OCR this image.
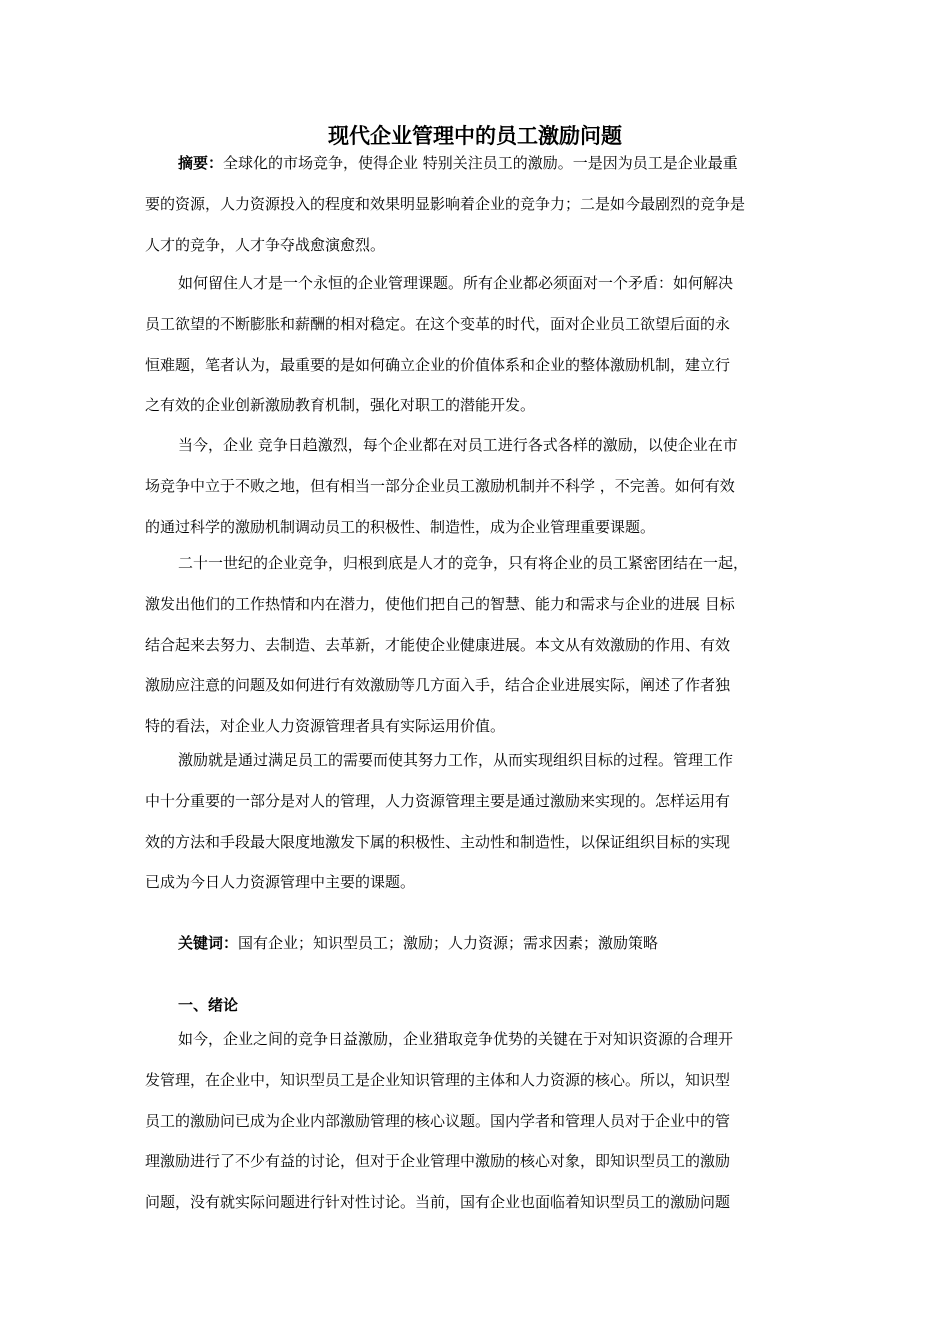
现代企业管理中的员工激励问题
摘要：全球化的市场竞争，使得企业 特别关注员工的激励。一是因为员工是企业最重
要的资源，人力资源投入的程度和效果明显影响着企业的竞争力；二是如今最剧烈的竞争是
人才的竞争，人才争夺战愈演愈烈。
如何留住人才是一个永恒的企业管理课题。所有企业都必须面对一个矛盾：如何解决
员工欲望的不断膨胀和薪酬的相对稳定。在这个变革的时代，面对企业员工欲望后面的永
恒难题，笔者认为，最重要的是如何确立企业的价值体系和企业的整体激励机制，建立行
之有效的企业创新激励教育机制，强化对职工的潜能开发。
当今，企业 竞争日趋激烈，每个企业都在对员工进行各式各样的激励，以使企业在市
场竞争中立于不败之地，但有相当一部分企业员工激励机制并不科学 ，不完善。如何有效
的通过科学的激励机制调动员工的积极性、制造性，成为企业管理重要课题。
二十一世纪的企业竞争，归根到底是人才的竞争，只有将企业的员工紧密团结在一起，
激发出他们的工作热情和内在潜力，使他们把自己的智慧、能力和需求与企业的进展 目标
结合起来去努力、去制造、去革新，才能使企业健康进展。本文从有效激励的作用、有效
激励应注意的问题及如何进行有效激励等几方面入手，结合企业进展实际，阐述了作者独
特的看法，对企业人力资源管理者具有实际运用价值。
激励就是通过满足员工的需要而使其努力工作，从而实现组织目标的过程。管理工作
中十分重要的一部分是对人的管理，人力资源管理主要是通过激励来实现的。怎样运用有
效的方法和手段最大限度地激发下属的积极性、主动性和制造性，以保证组织目标的实现
已成为今日人力资源管理中主要的课题。
关键词：国有企业；知识型员工；激励；人力资源；需求因素；激励策略
一、绪论
如今，企业之间的竞争日益激励，企业猎取竞争优势的关键在于对知识资源的合理开
发管理，在企业中，知识型员工是企业知识管理的主体和人力资源的核心。所以，知识型
员工的激励问已成为企业内部激励管理的核心议题。国内学者和管理人员对于企业中的管
理激励进行了不少有益的讨论，但对于企业管理中激励的核心对象，即知识型员工的激励
问题，没有就实际问题进行针对性讨论。当前，国有企业也面临着知识型员工的激励问题
